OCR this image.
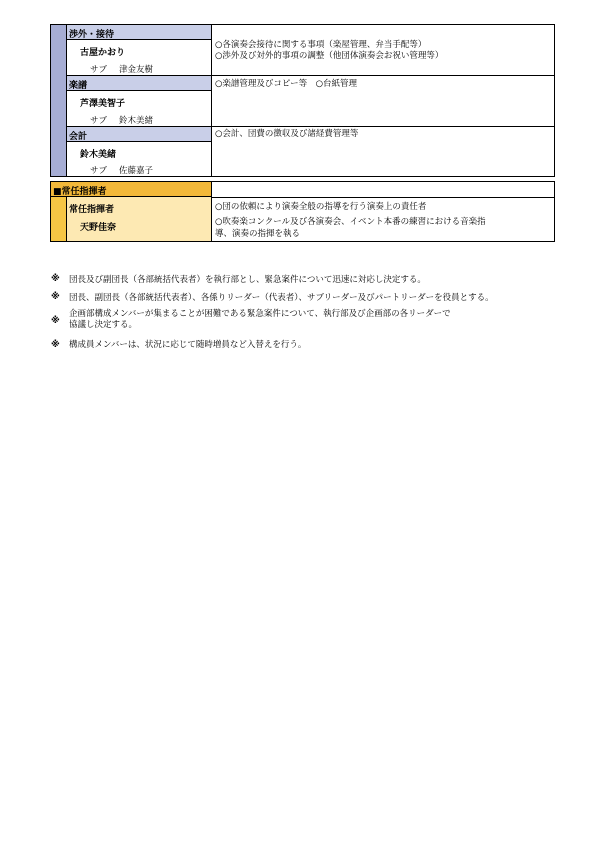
渉外・接待
古屋かおり
サブ 津金友樹
○各演奏会接待に関する事項（楽屋管理、弁当手配等）
○渉外及び対外的事項の調整（他団体演奏会お祝い管理等）
楽譜
芦澤美智子
サブ 鈴木美緒
○楽譜管理及びコピー等　○台紙管理
会計
鈴木美緒
サブ 佐藤嘉子
○会計、団費の徴収及び諸経費管理等
■常任指揮者
常任指揮者
天野佳奈
○団の依頼により演奏全般の指導を行う演奏上の責任者
○吹奏楽コンクール及び各演奏会、イベント本番の練習における音楽指
導、演奏の指揮を執る
※ 団長及び副団長（各部統括代表者）を執行部とし、緊急案件について迅速に対応し決定する。
※ 団長、副団長（各部統括代表者）、各係りリーダー（代表者）、サブリーダー及びパートリーダーを役員とする。
※
企画部構成メンバーが集まることが困難である緊急案件について、執行部及び企画部の各リーダーで
協議し決定する。
※ 構成員メンバーは、状況に応じて随時増員など入替えを行う。
